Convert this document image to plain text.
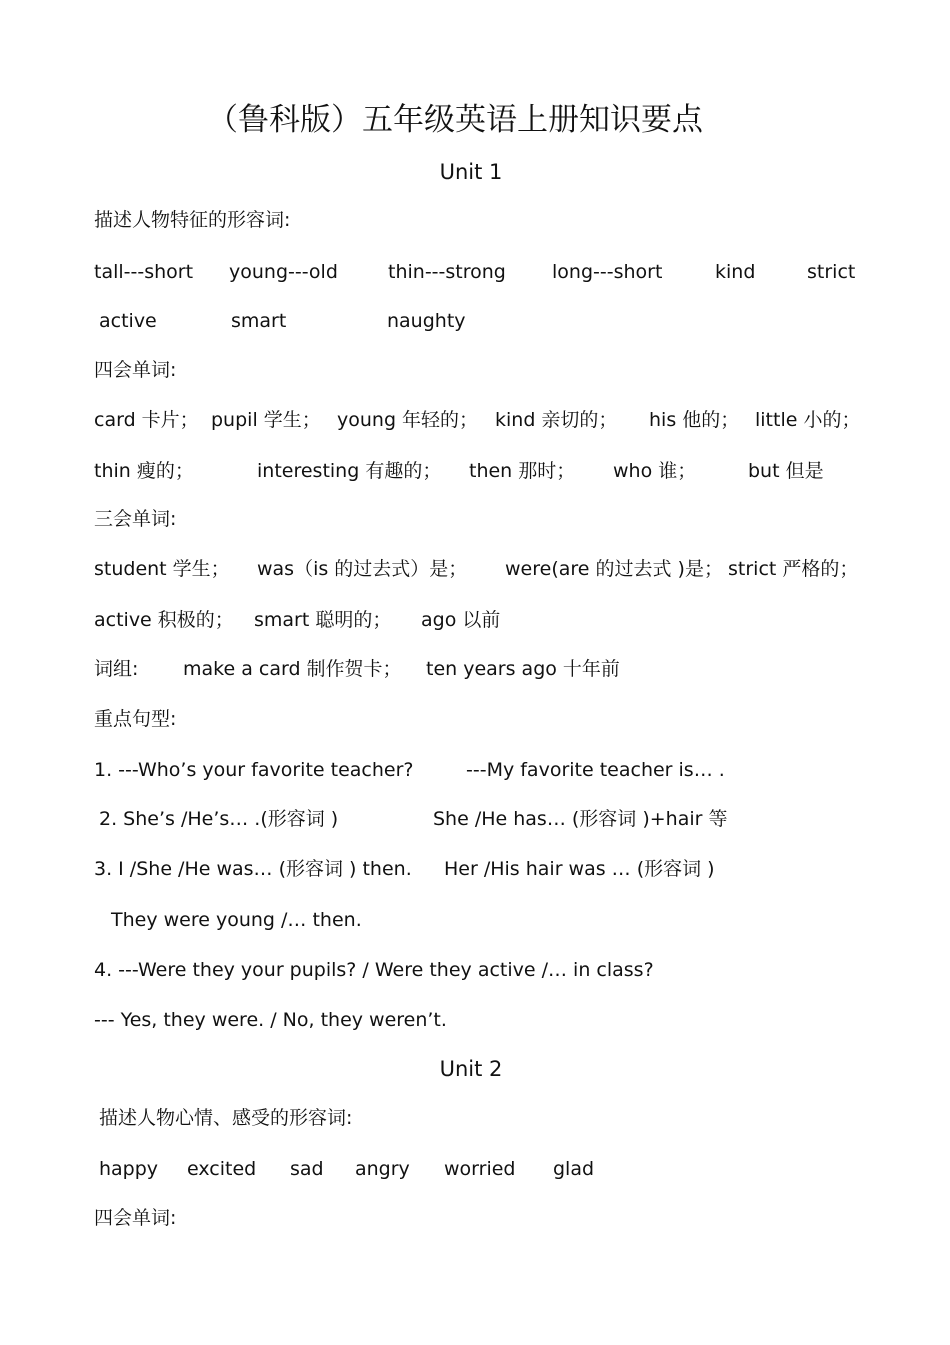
（鲁科版）五年级英语上册知识要点
Unit 1
描述人物特征的形容词:
tall---short young---old	thin---strong long---short	kind	strict
active	smart	naughty
四会单词:
card 卡片； pupil 学生； young 年轻的； kind 亲切的； his 他的； little 小的；
thin 瘦的；	interesting 有趣的； then 那时； who 谁；	but 但是
三会单词:
student 学生； was（is 的过去式）是； were(are 的过去式 )是； strict 严格的；
active 积极的； smart 聪明的； ago 以前
词组: make a card 制作贺卡； ten years ago 十年前
重点句型:
1. ---Who’s your favorite teacher?	---My favorite teacher is… .
2. She’s /He’s… .(形容词 )	She /He has… (形容词 )+hair 等
3. I /She /He was… (形容词 ) then. Her /His hair was … (形容词 )
They were young /… then.
4. ---Were they your pupils? / Were they active /… in class?
--- Yes, they were. / No, they weren’t.
Unit 2
描述人物心情、感受的形容词:
happy excited sad angry worried glad
四会单词:
